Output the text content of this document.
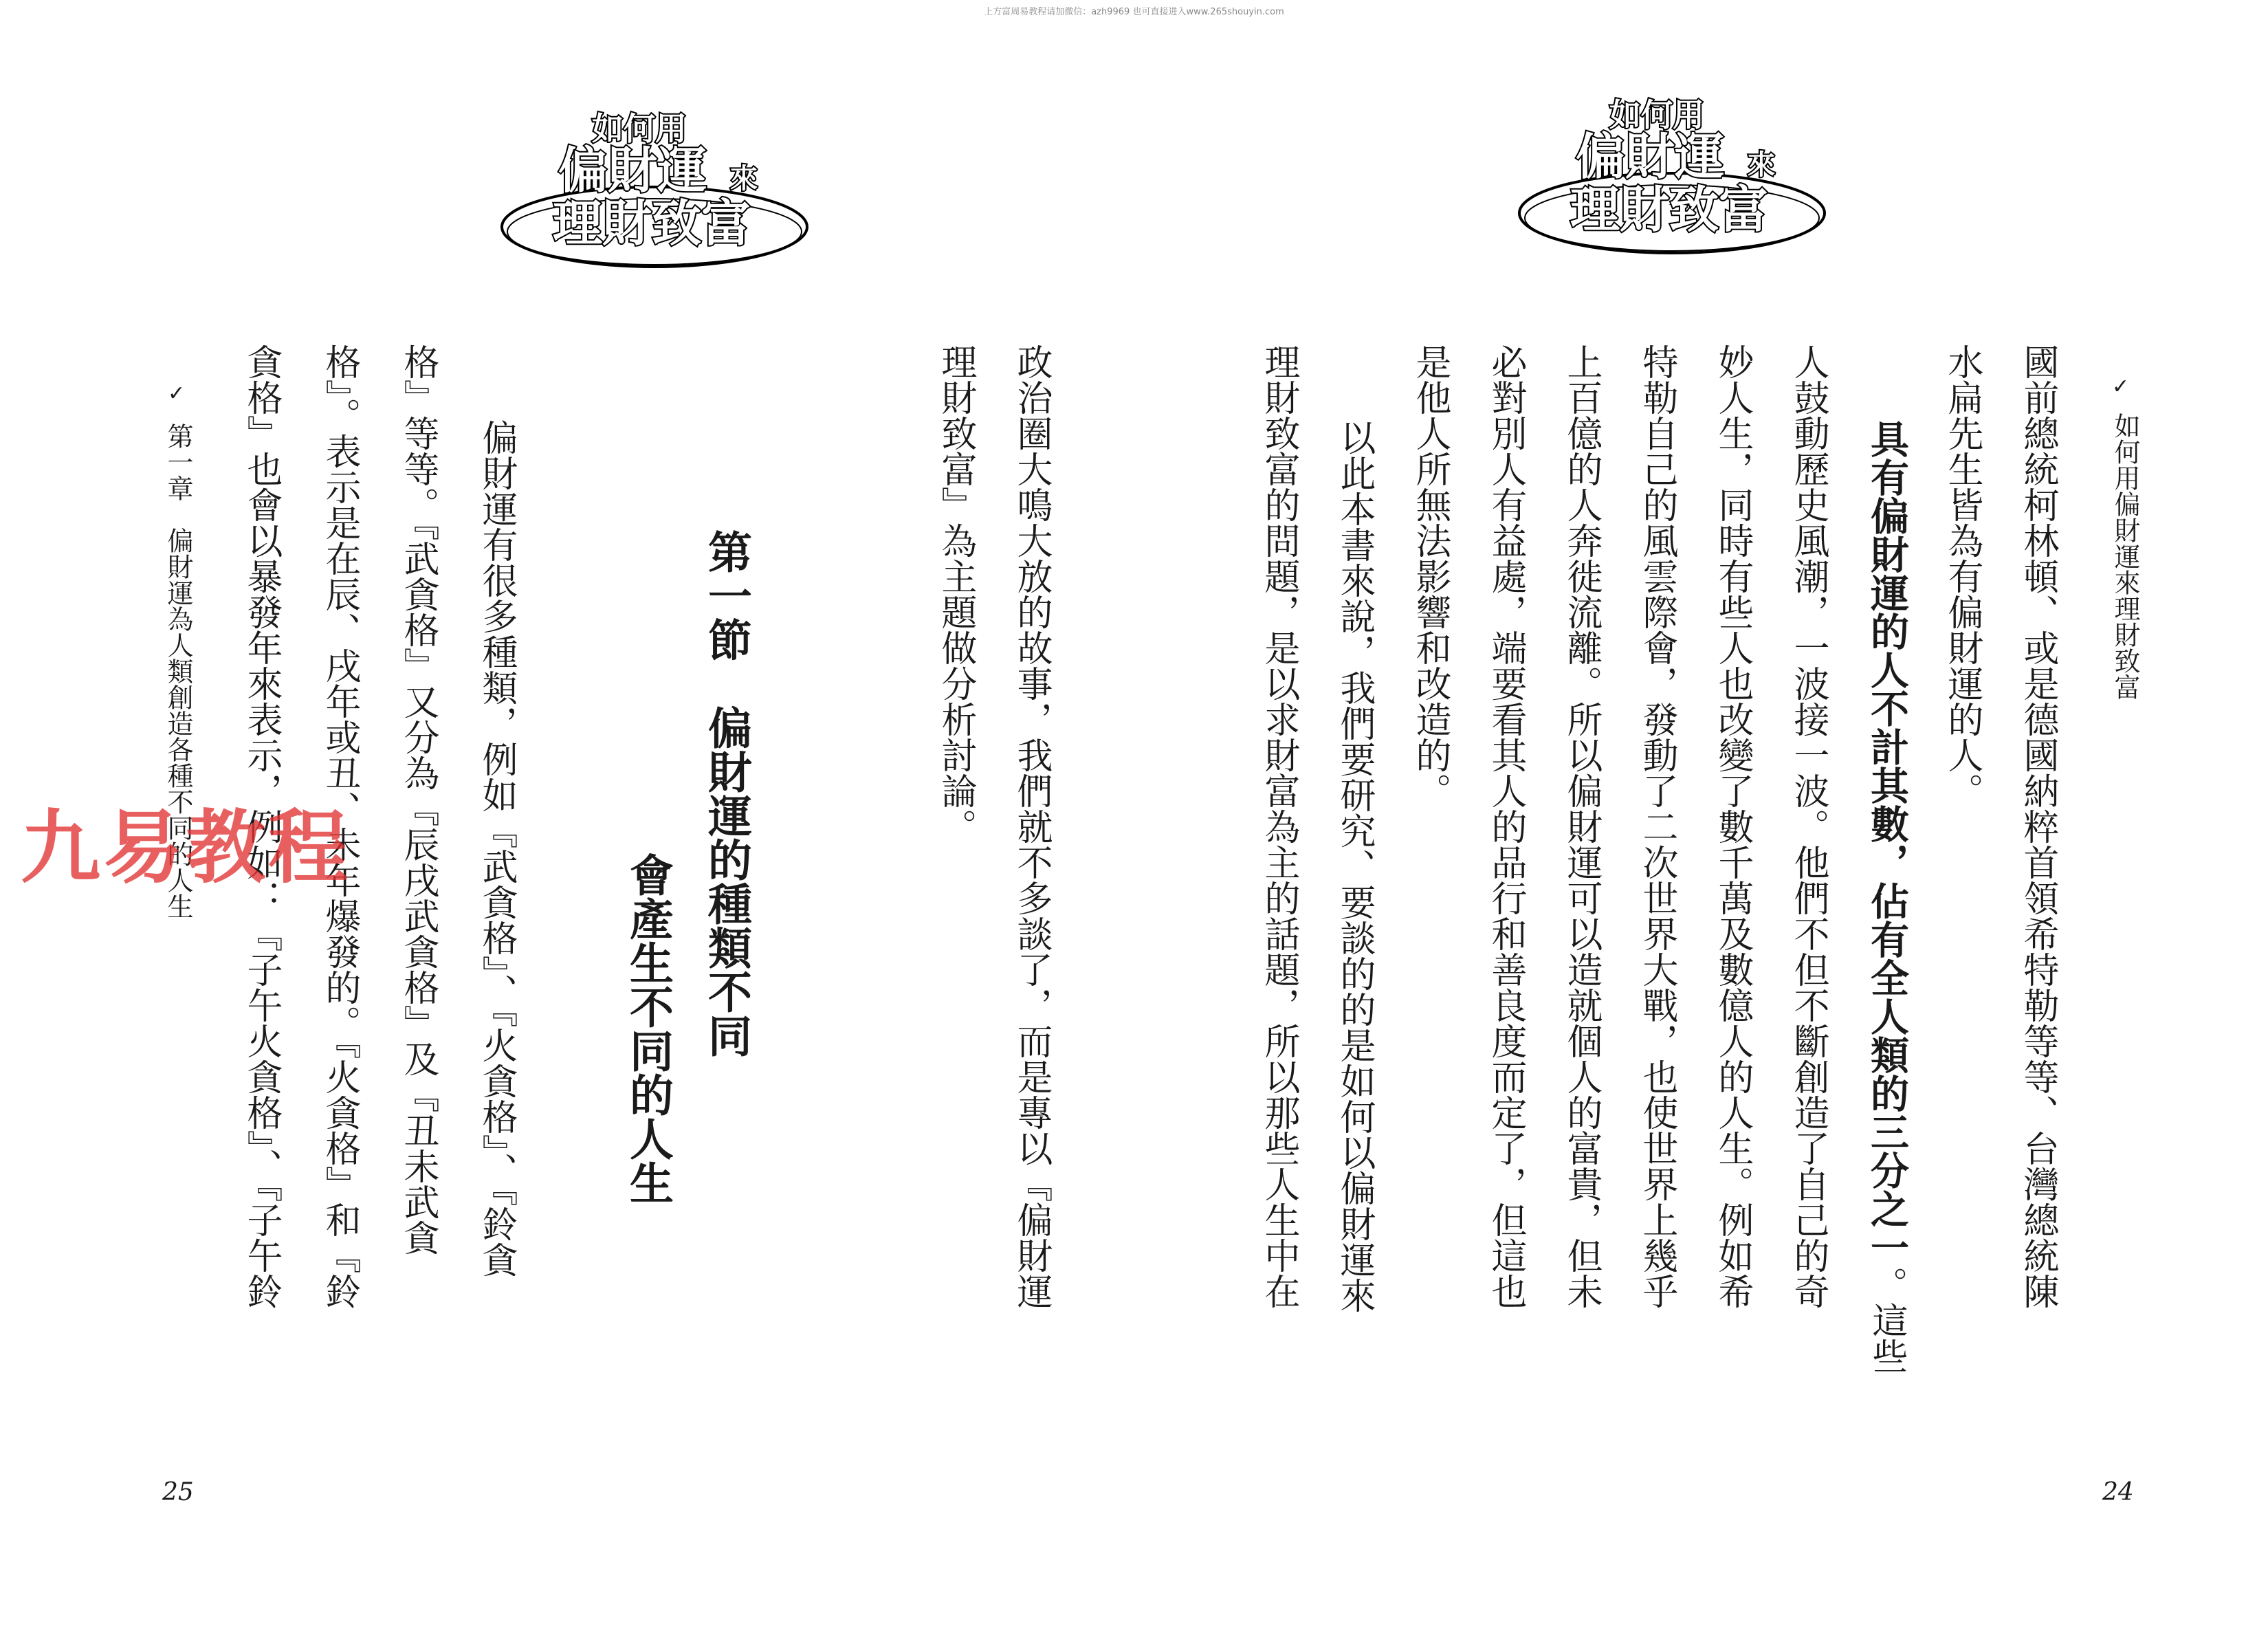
上方富周易教程请加微信：azh9969 也可直接进入www.265shouyin.com
如何用
偏財運 來
理財致富
如何用
偏財運 來
理財致富
✓
如何用偏財運來理財致富
國前總統柯林頓、或是德國納粹首領希特勒等等、台灣總統陳
水扁先生皆為有偏財運的人。
具有偏財運的人不計其數，佔有全人類的三分之一。這些
人鼓動歷史風潮，一波接一波。他們不但不斷創造了自己的奇
妙人生，同時有些人也改變了數千萬及數億人的人生。例如希
特勒自己的風雲際會，發動了二次世界大戰，也使世界上幾乎
上百億的人奔徙流離。所以偏財運可以造就個人的富貴，但未
必對別人有益處，端要看其人的品行和善良度而定了，但這也
是他人所無法影響和改造的。
以此本書來說，我們要研究、要談的的是如何以偏財運來
理財致富的問題，是以求財富為主的話題，所以那些人生中在
24
政治圈大鳴大放的故事，我們就不多談了，而是專以『偏財運
理財致富』為主題做分析討論。
第一節　偏財運的種類不同
會產生不同的人生
偏財運有很多種類，例如『武貪格』、『火貪格』、『鈴貪
格』等等。『武貪格』又分為『辰戌武貪格』及『丑未武貪
格』。表示是在辰、戌年或丑、未年爆發的。『火貪格』和『鈴
貪格』也會以暴發年來表示，例如：『子午火貪格』、『子午鈴
✓
第一章　偏財運為人類創造各種不同的人生
25
九易教程
